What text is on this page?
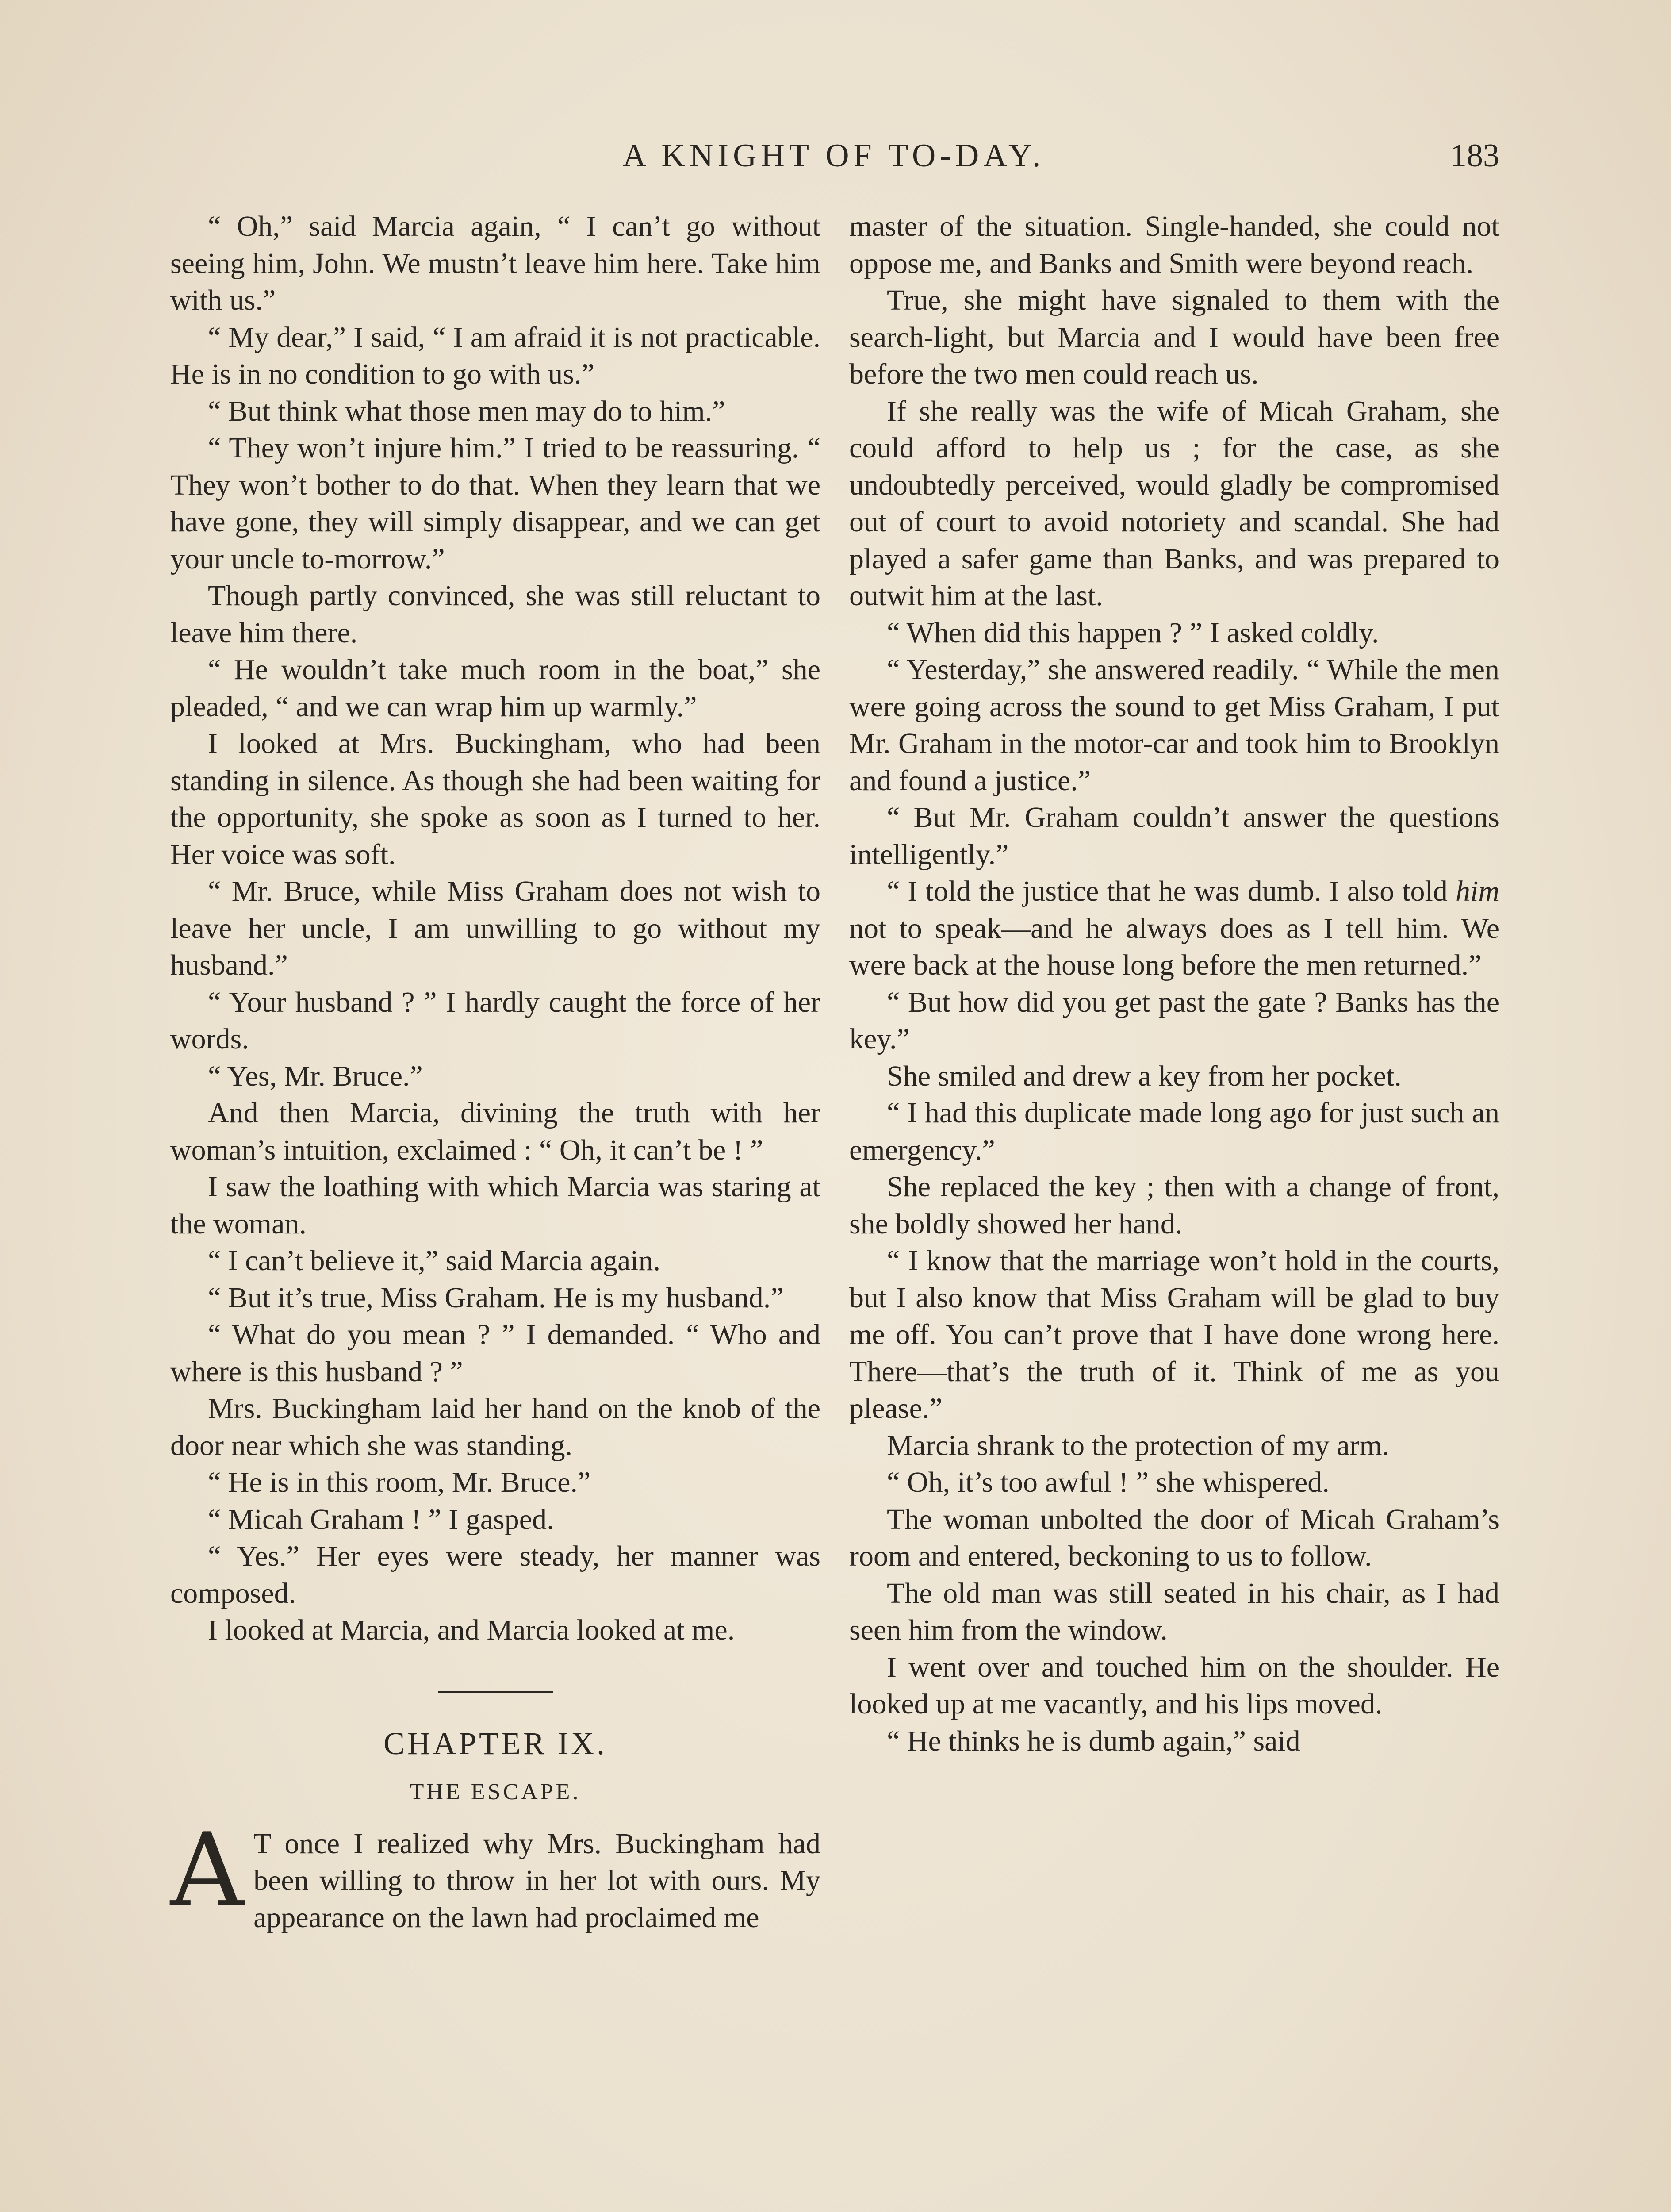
A KNIGHT OF TO-DAY.	183

“ Oh,” said Marcia again, “ I can’t go without seeing him, John. We mustn’t leave him here. Take him with us.”

“ My dear,” I said, “ I am afraid it is not practicable. He is in no condition to go with us.”

“ But think what those men may do to him.”

“ They won’t injure him.” I tried to be reassuring. “ They won’t bother to do that. When they learn that we have gone, they will simply disappear, and we can get your uncle to-morrow.”

Though partly convinced, she was still reluctant to leave him there.

“ He wouldn’t take much room in the boat,” she pleaded, “ and we can wrap him up warmly.”

I looked at Mrs. Buckingham, who had been standing in silence. As though she had been waiting for the opportunity, she spoke as soon as I turned to her. Her voice was soft.

“ Mr. Bruce, while Miss Graham does not wish to leave her uncle, I am unwilling to go without my husband.”

“ Your husband ? ” I hardly caught the force of her words.

“ Yes, Mr. Bruce.”

And then Marcia, divining the truth with her woman’s intuition, exclaimed : “ Oh, it can’t be ! ”

I saw the loathing with which Marcia was staring at the woman.

“ I can’t believe it,” said Marcia again.

“ But it’s true, Miss Graham. He is my husband.”

“ What do you mean ? ” I demanded. “ Who and where is this husband ? ”

Mrs. Buckingham laid her hand on the knob of the door near which she was standing.

“ He is in this room, Mr. Bruce.”

“ Micah Graham ! ” I gasped.

“ Yes.” Her eyes were steady, her manner was composed.

I looked at Marcia, and Marcia looked at me.

CHAPTER IX.
THE ESCAPE.

A T once I realized why Mrs. Buckingham had been willing to throw in her lot with ours. My appearance on the lawn had proclaimed me

master of the situation. Single-handed, she could not oppose me, and Banks and Smith were beyond reach.

True, she might have signaled to them with the search-light, but Marcia and I would have been free before the two men could reach us.

If she really was the wife of Micah Graham, she could afford to help us ; for the case, as she undoubtedly perceived, would gladly be compromised out of court to avoid notoriety and scandal. She had played a safer game than Banks, and was prepared to outwit him at the last.

“ When did this happen ? ” I asked coldly.

“ Yesterday,” she answered readily. “ While the men were going across the sound to get Miss Graham, I put Mr. Graham in the motor-car and took him to Brooklyn and found a justice.”

“ But Mr. Graham couldn’t answer the questions intelligently.”

“ I told the justice that he was dumb. I also told him not to speak—and he always does as I tell him. We were back at the house long before the men returned.”

“ But how did you get past the gate ? Banks has the key.”

She smiled and drew a key from her pocket.

“ I had this duplicate made long ago for just such an emergency.”

She replaced the key ; then with a change of front, she boldly showed her hand.

“ I know that the marriage won’t hold in the courts, but I also know that Miss Graham will be glad to buy me off. You can’t prove that I have done wrong here. There—that’s the truth of it. Think of me as you please.”

Marcia shrank to the protection of my arm.

“ Oh, it’s too awful ! ” she whispered.

The woman unbolted the door of Micah Graham’s room and entered, beckoning to us to follow.

The old man was still seated in his chair, as I had seen him from the window.

I went over and touched him on the shoulder. He looked up at me vacantly, and his lips moved.

“ He thinks he is dumb again,” said
